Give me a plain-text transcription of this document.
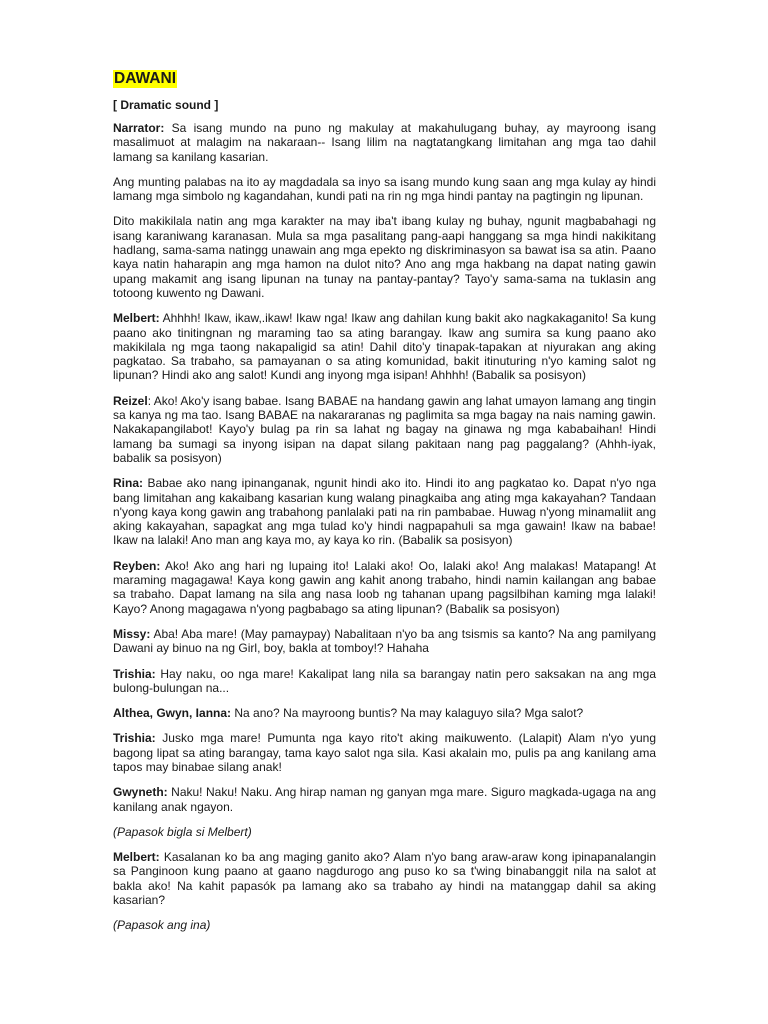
DAWANI
[ Dramatic sound ]
Narrator: Sa isang mundo na puno ng makulay at makahulugang buhay, ay mayroong isang masalimuot at malagim na nakaraan-- Isang lilim na nagtatangkang limitahan ang mga tao dahil lamang sa kanilang kasarian.
Ang munting palabas na ito ay magdadala sa inyo sa isang mundo kung saan ang mga kulay ay hindi lamang mga simbolo ng kagandahan, kundi pati na rin ng mga hindi pantay na pagtingin ng lipunan.
Dito makikilala natin ang mga karakter na may iba't ibang kulay ng buhay, ngunit magbabahagi ng isang karaniwang karanasan. Mula sa mga pasalitang pang-aapi hanggang sa mga hindi nakikitang hadlang, sama-sama natingg unawain ang mga epekto ng diskriminasyon sa bawat isa sa atin. Paano kaya natin haharapin ang mga hamon na dulot nito? Ano ang mga hakbang na dapat nating gawin upang makamit ang isang lipunan na tunay na pantay-pantay? Tayo'y sama-sama na tuklasin ang totoong kuwento ng Dawani.
Melbert: Ahhhh! Ikaw, ikaw,.ikaw! Ikaw nga! Ikaw ang dahilan kung bakit ako nagkakaganito! Sa kung paano ako tinitingnan ng maraming tao sa ating barangay. Ikaw ang sumira sa kung paano ako makikilala ng mga taong nakapaligid sa atin! Dahil dito'y tinapak-tapakan at niyurakan ang aking pagkatao. Sa trabaho, sa pamayanan o sa ating komunidad, bakit itinuturing n'yo kaming salot ng lipunan? Hindi ako ang salot! Kundi ang inyong mga isipan! Ahhhh! (Babalik sa posisyon)
Reizel: Ako! Ako'y isang babae. Isang BABAE na handang gawin ang lahat umayon lamang ang tingin sa kanya ng ma tao. Isang BABAE na nakararanas ng paglimita sa mga bagay na nais naming gawin. Nakakapangilabot! Kayo'y bulag pa rin sa lahat ng bagay na ginawa ng mga kababaihan! Hindi lamang ba sumagi sa inyong isipan na dapat silang pakitaan nang pag paggalang? (Ahhh-iyak, babalik sa posisyon)
Rina: Babae ako nang ipinanganak, ngunit hindi ako ito. Hindi ito ang pagkatao ko. Dapat n'yo nga bang limitahan ang kakaibang kasarian kung walang pinagkaiba ang ating mga kakayahan? Tandaan n'yong kaya kong gawin ang trabahong panlalaki pati na rin pambabae. Huwag n'yong minamaliit ang aking kakayahan, sapagkat ang mga tulad ko'y hindi nagpapahuli sa mga gawain! Ikaw na babae! Ikaw na lalaki! Ano man ang kaya mo, ay kaya ko rin. (Babalik sa posisyon)
Reyben: Ako! Ako ang hari ng lupaing ito! Lalaki ako! Oo, lalaki ako! Ang malakas! Matapang! At maraming magagawa! Kaya kong gawin ang kahit anong trabaho, hindi namin kailangan ang babae sa trabaho. Dapat lamang na sila ang nasa loob ng tahanan upang pagsilbihan kaming mga lalaki! Kayo? Anong magagawa n'yong pagbabago sa ating lipunan? (Babalik sa posisyon)
Missy: Aba! Aba mare! (May pamaypay) Nabalitaan n'yo ba ang tsismis sa kanto? Na ang pamilyang Dawani ay binuo na ng Girl, boy, bakla at tomboy!? Hahaha
Trishia: Hay naku, oo nga mare! Kakalipat lang nila sa barangay natin pero saksakan na ang mga bulong-bulungan na...
Althea, Gwyn, Ianna: Na ano? Na mayroong buntis? Na may kalaguyo sila? Mga salot?
Trishia: Jusko mga mare! Pumunta nga kayo rito't aking maikuwento. (Lalapit) Alam n'yo yung bagong lipat sa ating barangay, tama kayo salot nga sila. Kasi akalain mo, pulis pa ang kanilang ama tapos may binabae silang anak!
Gwyneth: Naku! Naku! Naku. Ang hirap naman ng ganyan mga mare. Siguro magkada-ugaga na ang kanilang anak ngayon.
(Papasok bigla si Melbert)
Melbert: Kasalanan ko ba ang maging ganito ako? Alam n'yo bang araw-araw kong ipinapanalangin sa Panginoon kung paano at gaano nagdurogo ang puso ko sa t'wing binabanggit nila na salot at bakla ako! Na kahit papasók pa lamang ako sa trabaho ay hindi na matanggap dahil sa aking kasarian?
(Papasok ang ina)
